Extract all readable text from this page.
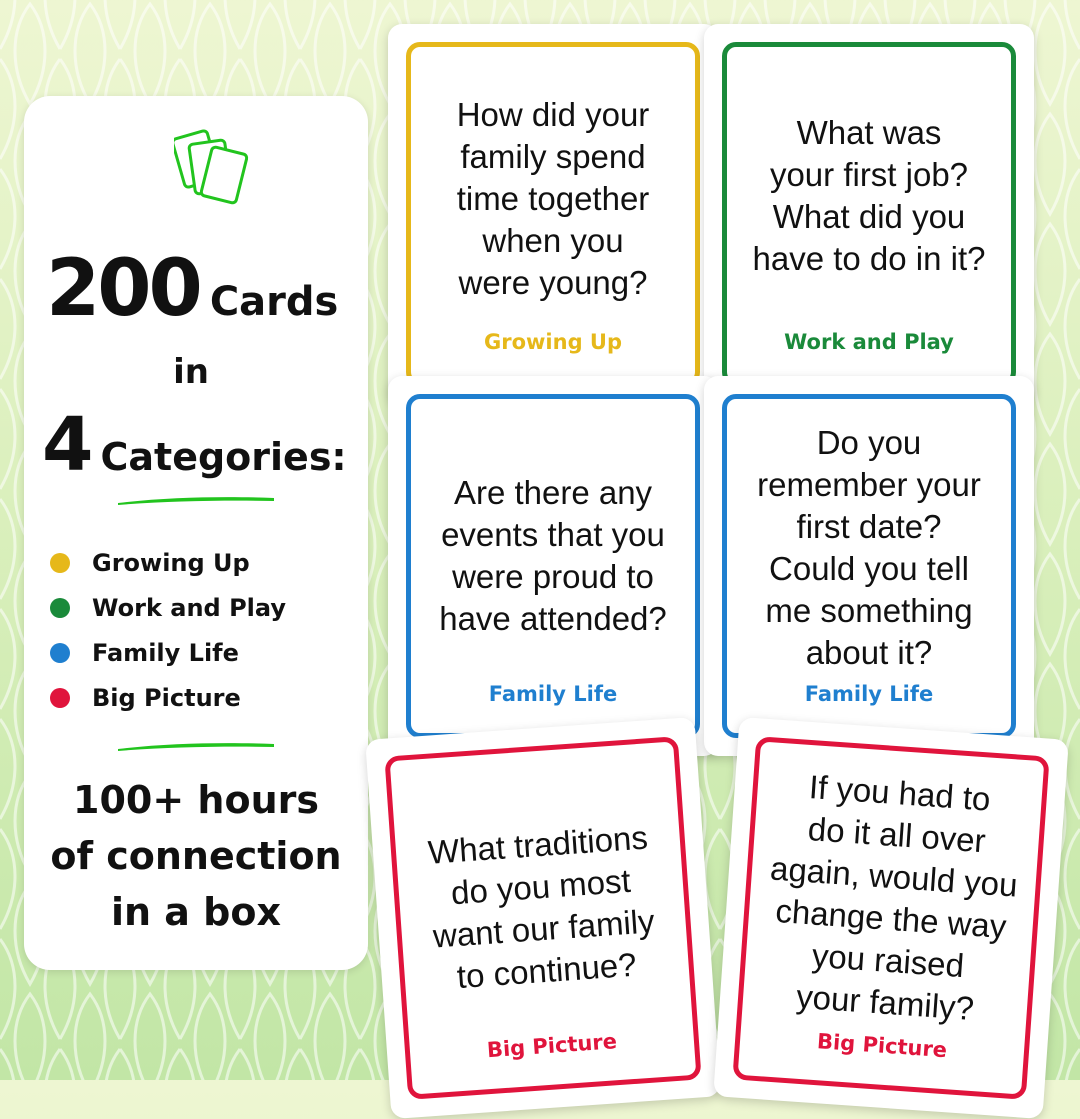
200 Cards
in
4 Categories:
Growing Up
Work and Play
Family Life
Big Picture
100+ hours
of connection
in a box
How did your
family spend
time together
when you
were young?
Growing Up
What was
your first job?
What did you
have to do in it?
Work and Play
Are there any
events that you
were proud to
have attended?
Family Life
Do you
remember your
first date?
Could you tell
me something
about it?
Family Life
What traditions
do you most
want our family
to continue?
Big Picture
If you had to
do it all over
again, would you
change the way
you raised
your family?
Big Picture
